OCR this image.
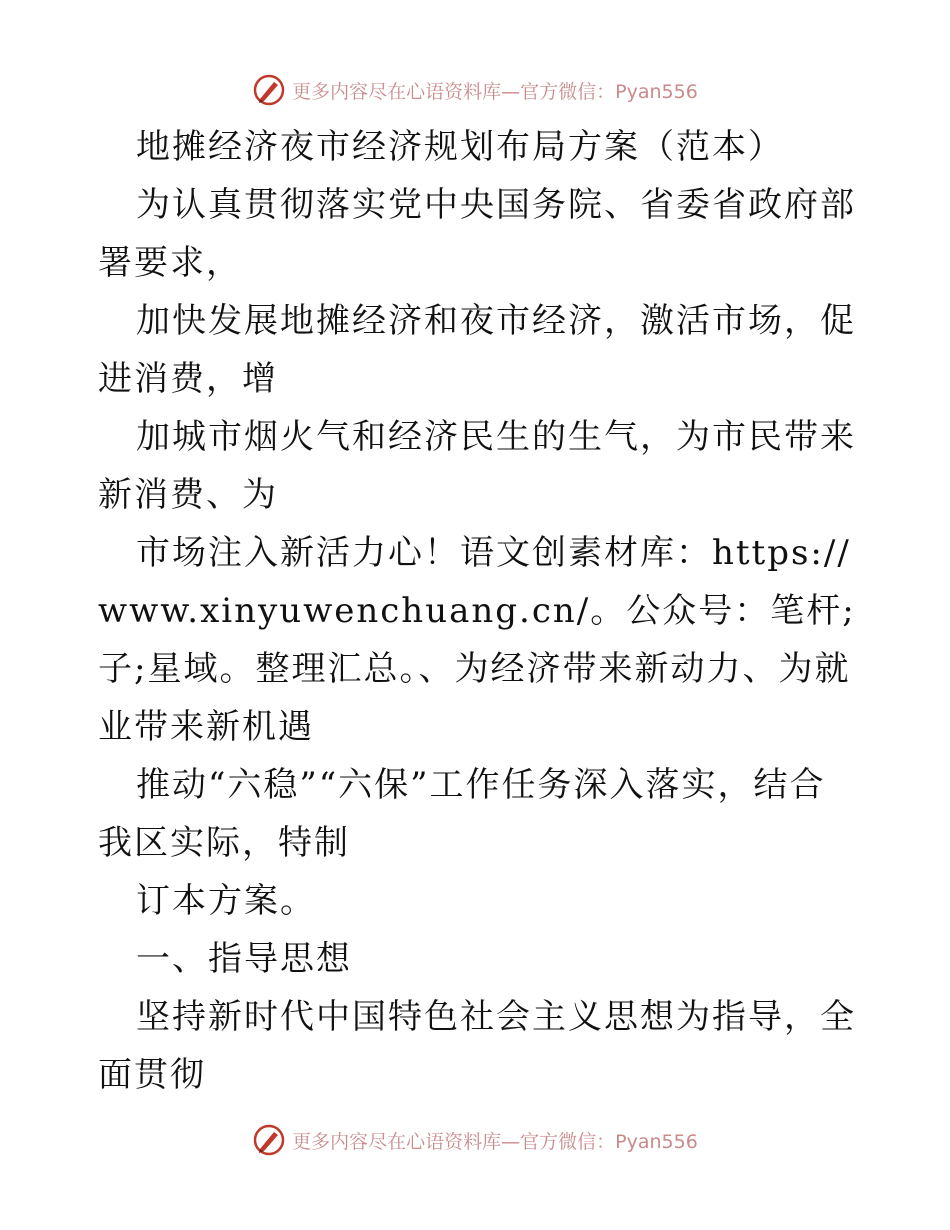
更多内容尽在心语资料库—官方微信：Pyan556

地摊经济夜市经济规划布局方案（范本）

为认真贯彻落实党中央国务院、省委省政府部署要求，

加快发展地摊经济和夜市经济，激活市场，促进消费，增

加城市烟火气和经济民生的生气，为市民带来新消费、为

市场注入新活力心！语文创素材库：https://www.xinyuwenchuang.cn/。公众号：笔杆;子;星域。整理汇总。、为经济带来新动力、为就业带来新机遇

推动“六稳”“六保”工作任务深入落实，结合我区实际，特制

订本方案。

一、指导思想

坚持新时代中国特色社会主义思想为指导，全面贯彻

更多内容尽在心语资料库—官方微信：Pyan556
